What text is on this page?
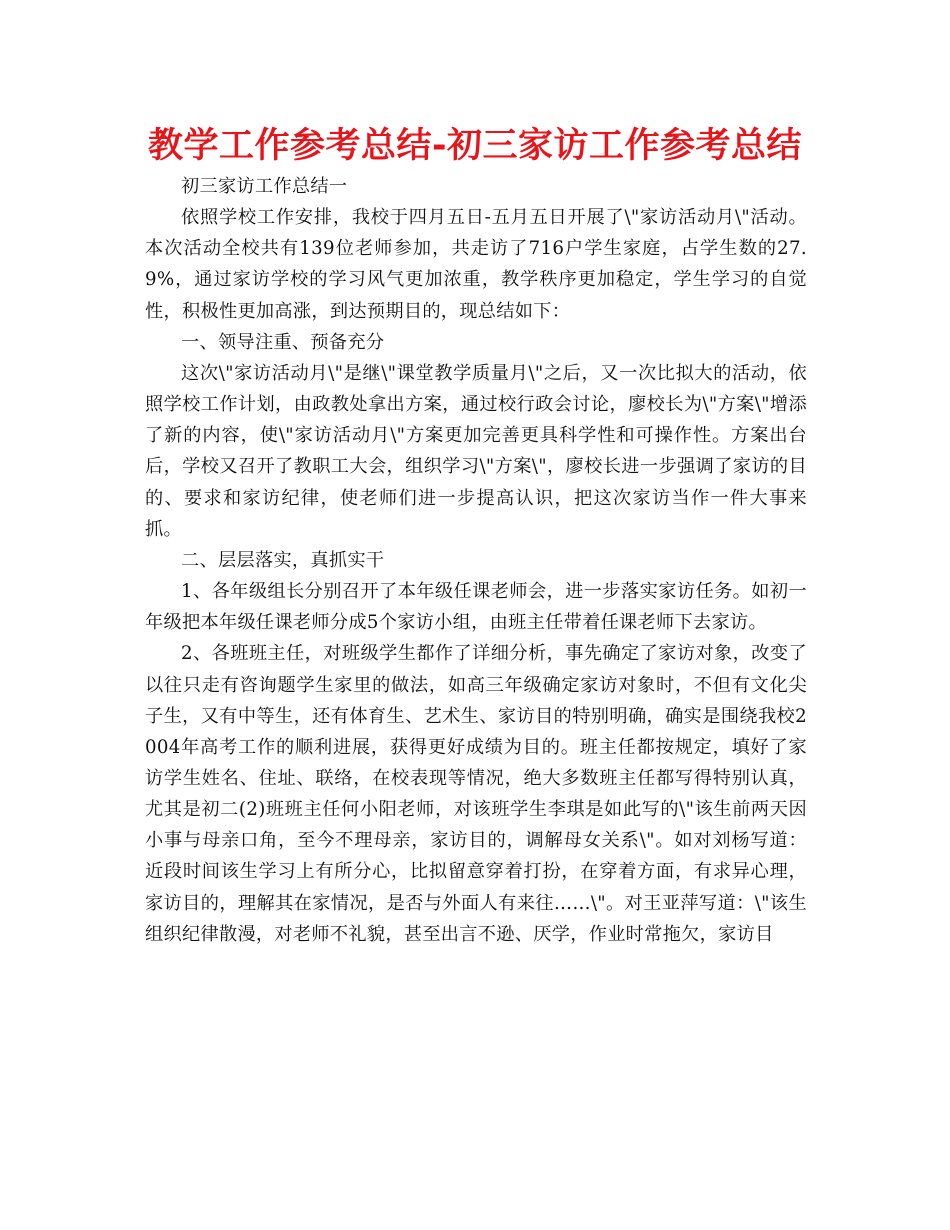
教学工作参考总结-初三家访工作参考总结

初三家访工作总结一

依照学校工作安排，我校于四月五日-五月五日开展了\"家访活动月\"活动。本次活动全校共有139位老师参加，共走访了716户学生家庭，占学生数的27.9%，通过家访学校的学习风气更加浓重，教学秩序更加稳定，学生学习的自觉性，积极性更加高涨，到达预期目的，现总结如下：

一、领导注重、预备充分

这次\"家访活动月\"是继\"课堂教学质量月\"之后，又一次比拟大的活动，依照学校工作计划，由政教处拿出方案，通过校行政会讨论，廖校长为\"方案\"增添了新的内容，使\"家访活动月\"方案更加完善更具科学性和可操作性。方案出台后，学校又召开了教职工大会，组织学习\"方案\"，廖校长进一步强调了家访的目的、要求和家访纪律，使老师们进一步提高认识，把这次家访当作一件大事来抓。

二、层层落实，真抓实干

1、各年级组长分别召开了本年级任课老师会，进一步落实家访任务。如初一年级把本年级任课老师分成5个家访小组，由班主任带着任课老师下去家访。

2、各班班主任，对班级学生都作了详细分析，事先确定了家访对象，改变了以往只走有咨询题学生家里的做法，如高三年级确定家访对象时，不但有文化尖子生，又有中等生，还有体育生、艺术生、家访目的特别明确，确实是围绕我校2004年高考工作的顺利进展，获得更好成绩为目的。班主任都按规定，填好了家访学生姓名、住址、联络，在校表现等情况，绝大多数班主任都写得特别认真，尤其是初二(2)班班主任何小阳老师，对该班学生李琪是如此写的\"该生前两天因小事与母亲口角，至今不理母亲，家访目的，调解母女关系\"。如对刘杨写道：近段时间该生学习上有所分心，比拟留意穿着打扮，在穿着方面，有求异心理，家访目的，理解其在家情况，是否与外面人有来往……\"。对王亚萍写道：\"该生组织纪律散漫，对老师不礼貌，甚至出言不逊、厌学，作业时常拖欠，家访目
